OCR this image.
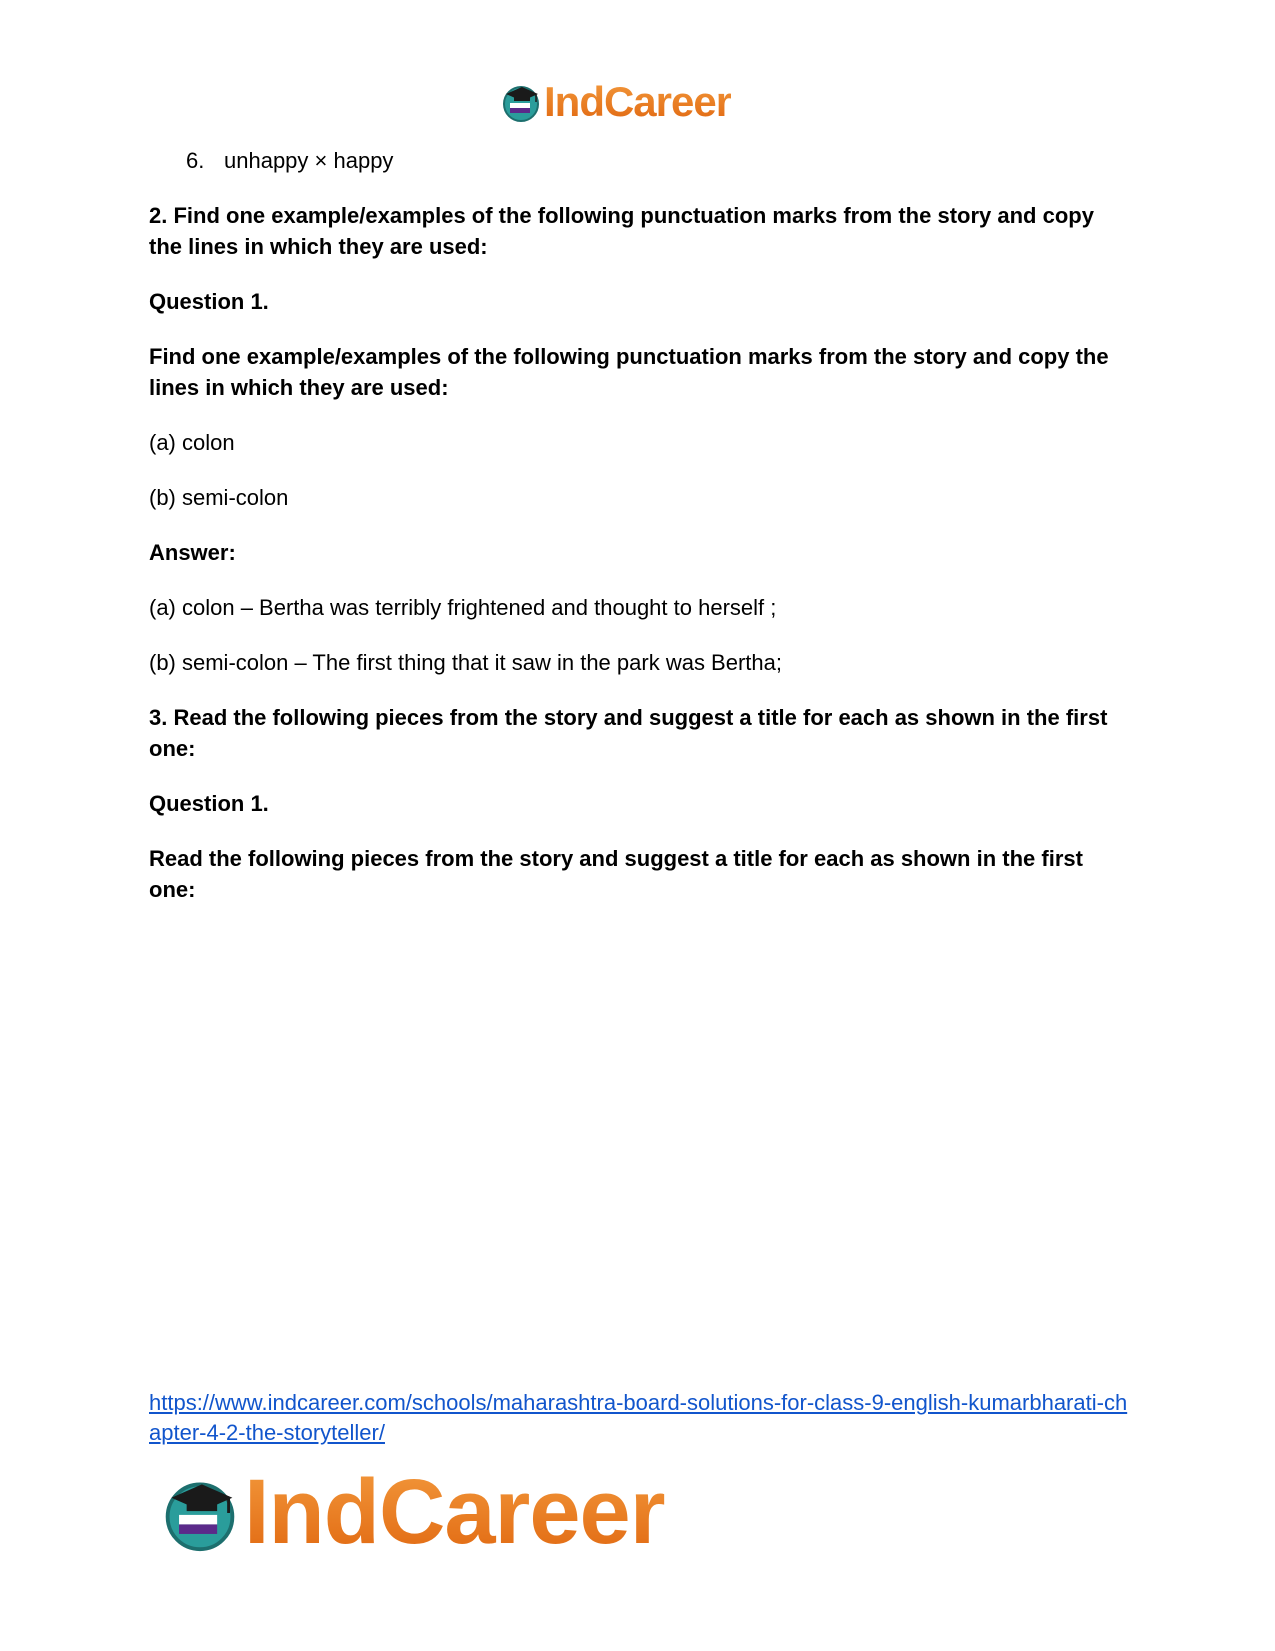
IndCareer
6. unhappy × happy

2. Find one example/examples of the following punctuation marks from the story and copy the lines in which they are used:

Question 1.

Find one example/examples of the following punctuation marks from the story and copy the lines in which they are used:

(a) colon

(b) semi-colon

Answer:

(a) colon – Bertha was terribly frightened and thought to herself ;

(b) semi-colon – The first thing that it saw in the park was Bertha;

3. Read the following pieces from the story and suggest a title for each as shown in the first one:

Question 1.

Read the following pieces from the story and suggest a title for each as shown in the first one:

https://www.indcareer.com/schools/maharashtra-board-solutions-for-class-9-english-kumarbharati-chapter-4-2-the-storyteller/
IndCareer
